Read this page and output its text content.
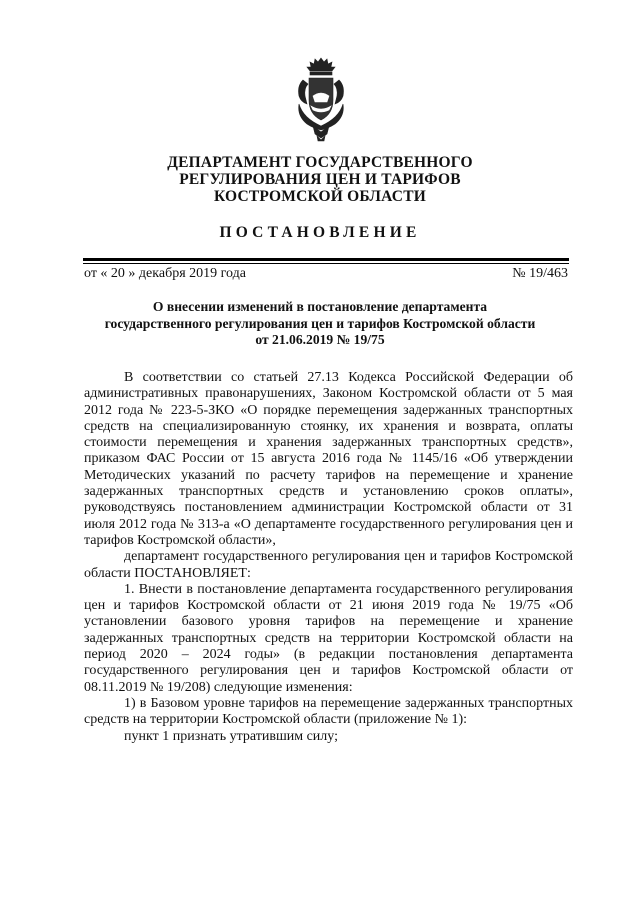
ДЕПАРТАМЕНТ ГОСУДАРСТВЕННОГО
РЕГУЛИРОВАНИЯ ЦЕН И ТАРИФОВ
КОСТРОМСКОЙ ОБЛАСТИ
ПОСТАНОВЛЕНИЕ
от « 20 » декабря 2019 года	№ 19/463
О внесении изменений в постановление департамента
государственного регулирования цен и тарифов Костромской области
от 21.06.2019 № 19/75

В соответствии со статьей 27.13 Кодекса Российской Федерации об административных правонарушениях, Законом Костромской области от 5 мая 2012 года № 223-5-ЗКО «О порядке перемещения задержанных транспортных средств на специализированную стоянку, их хранения и возврата, оплаты стоимости перемещения и хранения задержанных транспортных средств», приказом ФАС России от 15 августа 2016 года № 1145/16 «Об утверждении Методических указаний по расчету тарифов на перемещение и хранение задержанных транспортных средств и установлению сроков оплаты», руководствуясь постановлением администрации Костромской области от 31 июля 2012 года № 313-а «О департаменте государственного регулирования цен и тарифов Костромской области»,

департамент государственного регулирования цен и тарифов Костромской области ПОСТАНОВЛЯЕТ:

1. Внести в постановление департамента государственного регулирования цен и тарифов Костромской области от 21 июня 2019 года № 19/75 «Об установлении базового уровня тарифов на перемещение и хранение задержанных транспортных средств на территории Костромской области на период 2020 – 2024 годы» (в редакции постановления департамента государственного регулирования цен и тарифов Костромской области от 08.11.2019 № 19/208) следующие изменения:

1) в Базовом уровне тарифов на перемещение задержанных транспортных средств на территории Костромской области (приложение № 1):

пункт 1 признать утратившим силу;
